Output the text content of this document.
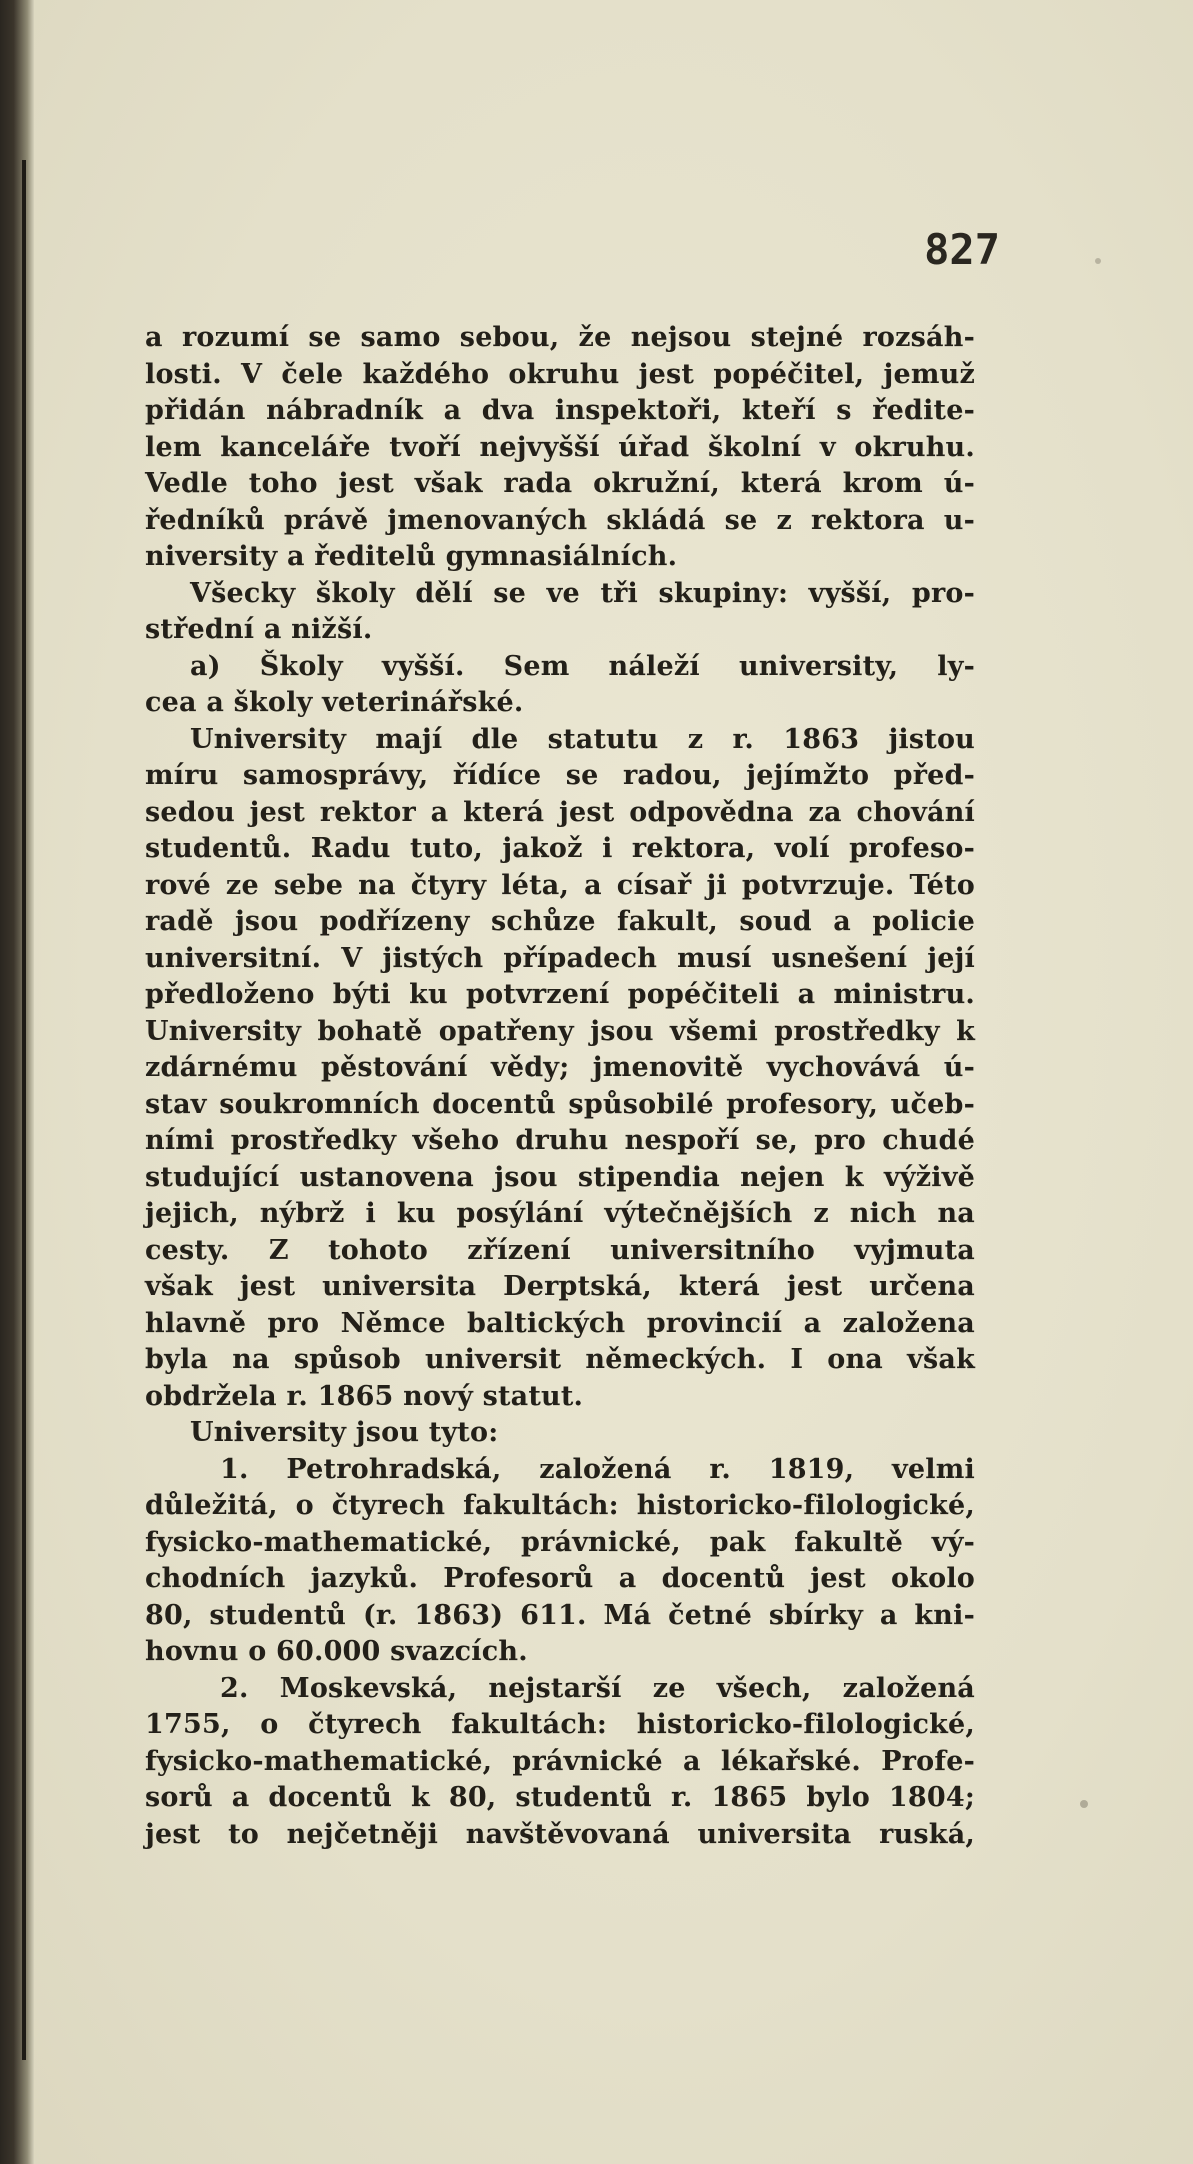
827
a rozumí se samo sebou, že nejsou stejné rozsáh-
losti. V čele každého okruhu jest popéčitel, jemuž
přidán nábradník a dva inspektoři, kteří s ředite-
lem kanceláře tvoří nejvyšší úřad školní v okruhu.
Vedle toho jest však rada okružní, která krom ú-
ředníků právě jmenovaných skládá se z rektora u-
niversity a ředitelů gymnasiálních.
Všecky školy dělí se ve tři skupiny: vyšší, pro-
střední a nižší.
a) Školy vyšší. Sem náleží university, ly-
cea a školy veterinářské.
University mají dle statutu z r. 1863 jistou
míru samosprávy, řídíce se radou, jejímžto před-
sedou jest rektor a která jest odpovědna za chování
studentů. Radu tuto, jakož i rektora, volí profeso-
rové ze sebe na čtyry léta, a císař ji potvrzuje. Této
radě jsou podřízeny schůze fakult, soud a policie
universitní. V jistých případech musí usnešení její
předloženo býti ku potvrzení popéčiteli a ministru.
University bohatě opatřeny jsou všemi prostředky k
zdárnému pěstování vědy; jmenovitě vychovává ú-
stav soukromních docentů spůsobilé profesory, učeb-
ními prostředky všeho druhu nespoří se, pro chudé
studující ustanovena jsou stipendia nejen k výživě
jejich, nýbrž i ku posýlání výtečnějších z nich na
cesty. Z tohoto zřízení universitního vyjmuta
však jest universita Derptská, která jest určena
hlavně pro Němce baltických provincií a založena
byla na spůsob universit německých. I ona však
obdržela r. 1865 nový statut.
University jsou tyto:
1. Petrohradská, založená r. 1819, velmi
důležitá, o čtyrech fakultách: historicko-filologické,
fysicko-mathematické, právnické, pak fakultě vý-
chodních jazyků. Profesorů a docentů jest okolo
80, studentů (r. 1863) 611. Má četné sbírky a kni-
hovnu o 60.000 svazcích.
2. Moskevská, nejstarší ze všech, založená
1755, o čtyrech fakultách: historicko-filologické,
fysicko-mathematické, právnické a lékařské. Profe-
sorů a docentů k 80, studentů r. 1865 bylo 1804;
jest to nejčetněji navštěvovaná universita ruská,
